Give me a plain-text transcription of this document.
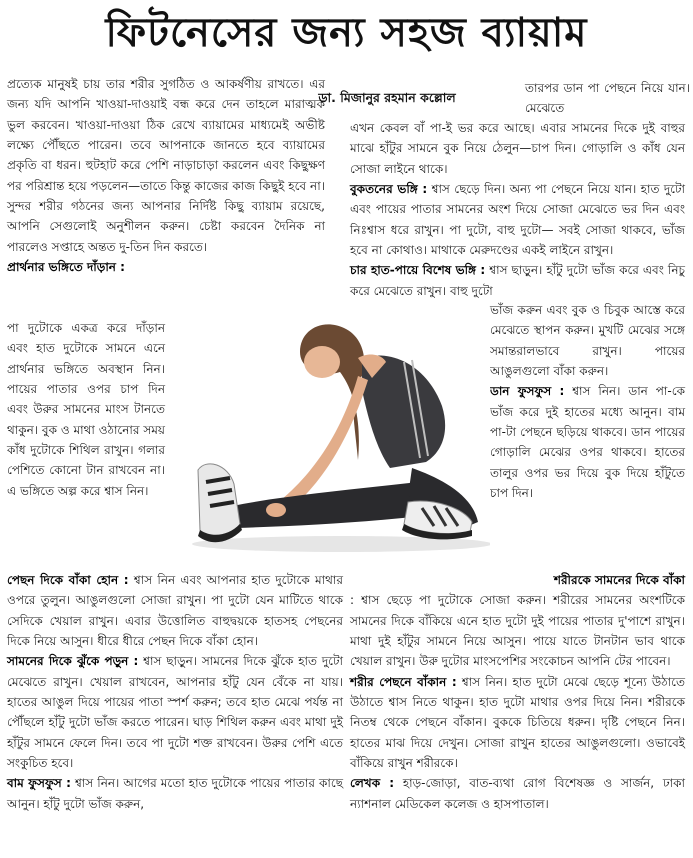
ফিটনেসের জন্য সহজ ব্যায়াম

প্রত্যেক মানুষই চায় তার শরীর সুগঠিত ও আকর্ষণীয় রাখতে। এর জন্য যদি আপনি খাওয়া-দাওয়াই বন্ধ করে দেন তাহলে মারাত্মক ভুল করবেন। খাওয়া-দাওয়া ঠিক রেখে ব্যায়ামের মাধ্যমেই অভীষ্ট লক্ষ্যে পৌঁছতে পারেন। তবে আপনাকে জানতে হবে ব্যায়ামের প্রকৃতি বা ধরন। হুটহাট করে পেশি নাড়াচাড়া করলেন এবং কিছুক্ষণ পর পরিশ্রান্ত হয়ে পড়লেন—তাতে কিন্তু কাজের কাজ কিছুই হবে না। সুন্দর শরীর গঠনের জন্য আপনার নির্দিষ্ট কিছু ব্যায়াম রয়েছে, আপনি সেগুলোই অনুশীলন করুন। চেষ্টা করবেন দৈনিক না পারলেও সপ্তাহে অন্তত দু-তিন দিন করতে।

প্রার্থনার ভঙ্গিতে দাঁড়ান :

পা দুটোকে একত্র করে দাঁড়ান এবং হাত দুটোকে সামনে এনে প্রার্থনার ভঙ্গিতে অবস্থান নিন। পায়ের পাতার ওপর চাপ দিন এবং উরুর সামনের মাংস টানতে থাকুন। বুক ও মাথা ওঠানোর সময় কাঁধ দুটোকে শিথিল রাখুন। গলার পেশিতে কোনো টান রাখবেন না। এ ভঙ্গিতে অল্প করে শ্বাস নিন।

পেছন দিকে বাঁকা হোন : শ্বাস নিন এবং আপনার হাত দুটোকে মাথার ওপরে তুলুন। আঙুলগুলো সোজা রাখুন। পা দুটো যেন মাটিতে থাকে সেদিকে খেয়াল রাখুন। এবার উত্তোলিত বাহুদ্বয়কে হাতসহ পেছনের দিকে নিয়ে আসুন। ধীরে ধীরে পেছন দিকে বাঁকা হোন।

সামনের দিকে ঝুঁকে পড়ুন : শ্বাস ছাড়ুন। সামনের দিকে ঝুঁকে হাত দুটো মেঝেতে রাখুন। খেয়াল রাখবেন, আপনার হাঁটু যেন বেঁকে না যায়। হাতের আঙুল দিয়ে পায়ের পাতা স্পর্শ করুন; তবে হাত মেঝে পর্যন্ত না পৌঁছলে হাঁটু দুটো ভাঁজ করতে পারেন। ঘাড় শিথিল করুন এবং মাথা দুই হাঁটুর সামনে ফেলে দিন। তবে পা দুটো শক্ত রাখবেন। উরুর পেশি এতে সংকুচিত হবে।

বাম ফুসফুস : শ্বাস নিন। আগের মতো হাত দুটোকে পায়ের পাতার কাছে আনুন। হাঁটু দুটো ভাঁজ করুন,

ডা. মিজানুর রহমান কল্লোল

তারপর ডান পা পেছনে নিয়ে যান। মেঝেতে

এখন কেবল বাঁ পা-ই ভর করে আছে। এবার সামনের দিকে দুই বাহুর মাঝে হাঁটুর সামনে বুক নিয়ে ঠেলুন—চাপ দিন। গোড়ালি ও কাঁধ যেন সোজা লাইনে থাকে।

বুকতনের ভঙ্গি : শ্বাস ছেড়ে দিন। অন্য পা পেছনে নিয়ে যান। হাত দুটো এবং পায়ের পাতার সামনের অংশ দিয়ে সোজা মেঝেতে ভর দিন এবং নিঃশ্বাস ধরে রাখুন। পা দুটো, বাহু দুটো— সবই সোজা থাকবে, ভাঁজ হবে না কোথাও। মাথাকে মেরুদণ্ডের একই লাইনে রাখুন।

চার হাত-পায়ে বিশেষ ভঙ্গি : শ্বাস ছাড়ুন। হাঁটু দুটো ভাঁজ করে এবং নিচু করে মেঝেতে রাখুন। বাহু দুটো

ভাঁজ করুন এবং বুক ও চিবুক আস্তে করে মেঝেতে স্থাপন করুন। মুখটি মেঝের সঙ্গে সমান্তরালভাবে রাখুন। পায়ের আঙুলগুলো বাঁকা করুন।

ডান ফুসফুস : শ্বাস নিন। ডান পা-কে ভাঁজ করে দুই হাতের মধ্যে আনুন। বাম পা-টা পেছনে ছড়িয়ে থাকবে। ডান পায়ের গোড়ালি মেঝের ওপর থাকবে। হাতের তালুর ওপর ভর দিয়ে বুক দিয়ে হাঁটুতে চাপ দিন।

শরীরকে সামনের দিকে বাঁকা
: শ্বাস ছেড়ে পা দুটোকে সোজা করুন। শরীরের সামনের অংশটিকে সামনের দিকে বাঁকিয়ে এনে হাত দুটো দুই পায়ের পাতার দু'পাশে রাখুন। মাথা দুই হাঁটুর সামনে নিয়ে আসুন। পায়ে যাতে টানটান ভাব থাকে খেয়াল রাখুন। উরু দুটোর মাংসপেশির সংকোচন আপনি টের পাবেন।

শরীর পেছনে বাঁকান : শ্বাস নিন। হাত দুটো মেঝে ছেড়ে শূন্যে উঠাতে উঠাতে শ্বাস নিতে থাকুন। হাত দুটো মাথার ওপর দিয়ে নিন। শরীরকে নিতম্ব থেকে পেছনে বাঁকান। বুককে চিতিয়ে ধরুন। দৃষ্টি পেছনে নিন। হাতের মাঝ দিয়ে দেখুন। সোজা রাখুন হাতের আঙুলগুলো। ওভাবেই বাঁকিয়ে রাখুন শরীরকে।

লেখক : হাড়-জোড়া, বাত-ব্যথা রোগ বিশেষজ্ঞ ও সার্জন, ঢাকা ন্যাশনাল মেডিকেল কলেজ ও হাসপাতাল।
